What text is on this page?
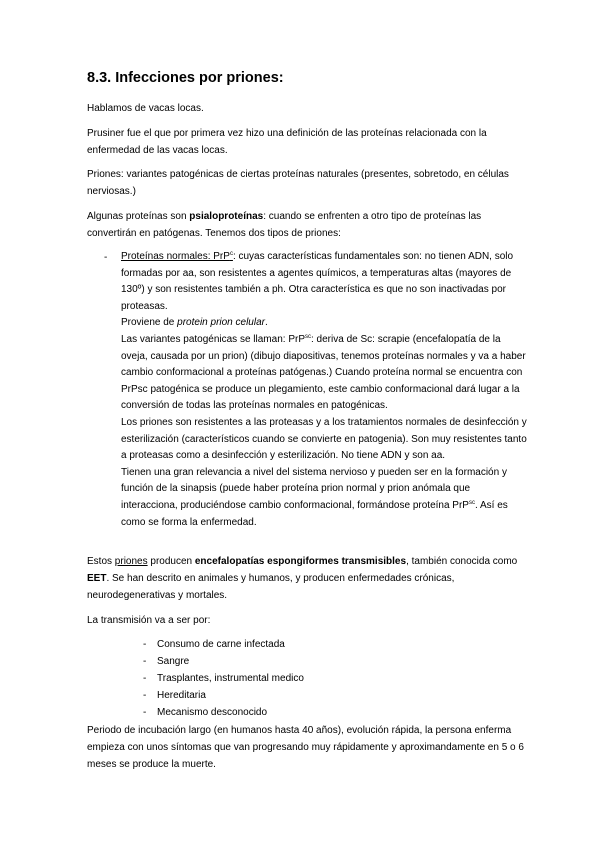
8.3. Infecciones por priones:

Hablamos de vacas locas.

Prusiner fue el que por primera vez hizo una definición de las proteínas relacionada con la enfermedad de las vacas locas.

Priones: variantes patogénicas de ciertas proteínas naturales (presentes, sobretodo, en células nerviosas.)

Algunas proteínas son psialoproteínas: cuando se enfrenten a otro tipo de proteínas las convertirán en patógenas. Tenemos dos tipos de priones:

- Proteínas normales: PrP$^c$: cuyas características fundamentales son: no tienen ADN, solo formadas por aa, son resistentes a agentes químicos, a temperaturas altas (mayores de 130º) y son resistentes también a ph. Otra característica es que no son inactivadas por proteasas.

Proviene de protein prion celular.

Las variantes patogénicas se llaman: PrP$^{sc}$: deriva de Sc: scrapie (encefalopatía de la oveja, causada por un prion) (dibujo diapositivas, tenemos proteínas normales y va a haber cambio conformacional a proteínas patógenas.) Cuando proteína normal se encuentra con PrPsc patogénica se produce un plegamiento, este cambio conformacional dará lugar a la conversión de todas las proteínas normales en patogénicas.

Los priones son resistentes a las proteasas y a los tratamientos normales de desinfección y esterilización (característicos cuando se convierte en patogenia). Son muy resistentes tanto a proteasas como a desinfección y esterilización. No tiene ADN y son aa.

Tienen una gran relevancia a nivel del sistema nervioso y pueden ser en la formación y función de la sinapsis (puede haber proteína prion normal y prion anómala que interacciona, produciéndose cambio conformacional, formándose proteína PrP$^{sc}$. Así es como se forma la enfermedad.

Estos priones producen encefalopatías espongiformes transmisibles, también conocida como EET. Se han descrito en animales y humanos, y producen enfermedades crónicas, neurodegenerativas y mortales.

La transmisión va a ser por:

- Consumo de carne infectada
- Sangre
- Trasplantes, instrumental medico
- Hereditaria
- Mecanismo desconocido

Periodo de incubación largo (en humanos hasta 40 años), evolución rápida, la persona enferma empieza con unos síntomas que van progresando muy rápidamente y aproximandamente en 5 o 6 meses se produce la muerte.
